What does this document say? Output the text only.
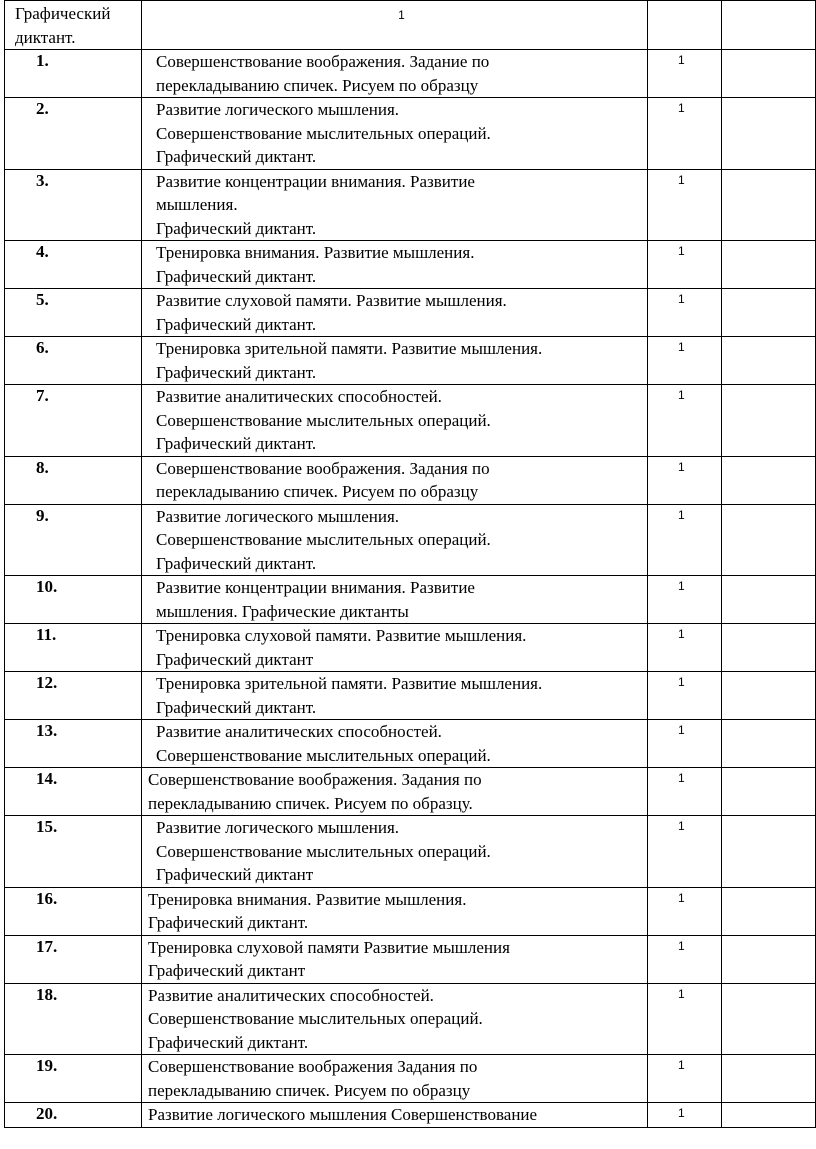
Графический диктант.	1		

1.	Совершенствование воображения. Задание по
перекладыванию спичек. Рисуем по образцу	1	

2.	Развитие логического мышления.
Совершенствование мыслительных операций.
Графический диктант.	1	

3.	Развитие концентрации внимания. Развитие
мышления.
Графический диктант.	1	

4.	Тренировка внимания. Развитие мышления.
Графический диктант.	1	

5.	Развитие слуховой памяти. Развитие мышления.
Графический диктант.	1	

6.	Тренировка зрительной памяти. Развитие мышления.
Графический диктант.	1	

7.	Развитие аналитических способностей.
Совершенствование мыслительных операций.
Графический диктант.	1	

8.	Совершенствование воображения. Задания по
перекладыванию спичек. Рисуем по образцу	1	

9.	Развитие логического мышления.
Совершенствование мыслительных операций.
Графический диктант.	1	

10.	Развитие концентрации внимания. Развитие
мышления. Графические диктанты	1	

11.	Тренировка слуховой памяти. Развитие мышления.
Графический диктант	1	

12.	Тренировка зрительной памяти. Развитие мышления.
Графический диктант.	1	

13.	Развитие аналитических способностей.
Совершенствование мыслительных операций.	1	

14.	Совершенствование воображения. Задания по
перекладыванию спичек. Рисуем по образцу.	1	

15.	Развитие логического мышления.
Совершенствование мыслительных операций.
Графический диктант	1	

16.	Тренировка внимания. Развитие мышления.
Графический диктант.	1	

17.	Тренировка слуховой памяти Развитие мышления
Графический диктант	1	

18.	Развитие аналитических способностей.
Совершенствование мыслительных операций.
Графический диктант.	1	

19.	Совершенствование воображения Задания по
перекладыванию спичек. Рисуем по образцу	1	

20.	Развитие логического мышления Совершенствование	1	
